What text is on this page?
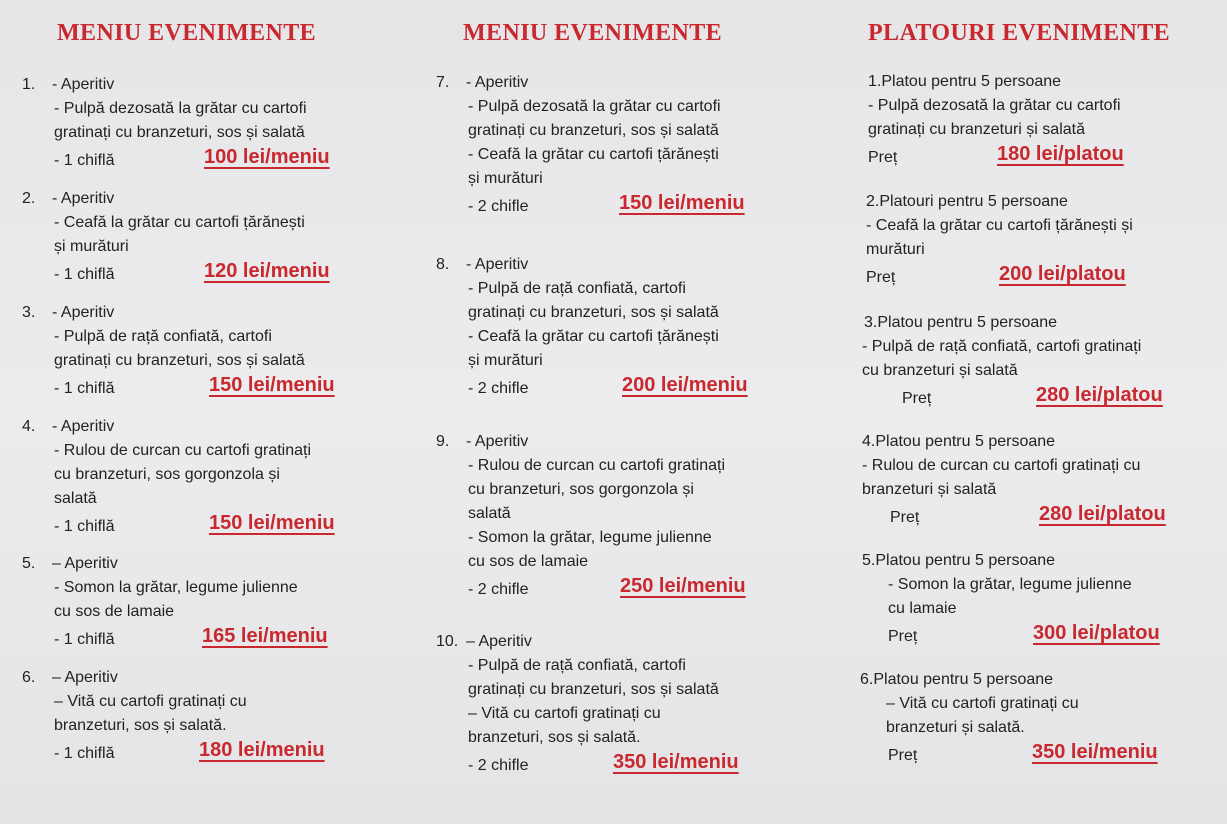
MENIU EVENIMENTE
1. - Aperitiv
- Pulpă dezosată la grătar cu cartofi
gratinați cu branzeturi, sos și salată
- 1 chiflă	100 lei/meniu
2. - Aperitiv
- Ceafă la grătar cu cartofi țărănești
și murături
- 1 chiflă	120 lei/meniu
3. - Aperitiv
- Pulpă de rață confiată, cartofi
gratinați cu branzeturi, sos și salată
- 1 chiflă	150 lei/meniu
4. - Aperitiv
- Rulou de curcan cu cartofi gratinați
cu branzeturi, sos gorgonzola și
salată
- 1 chiflă	150 lei/meniu
5. – Aperitiv
- Somon la grătar, legume julienne
cu sos de lamaie
- 1 chiflă	165 lei/meniu
6. – Aperitiv
– Vită cu cartofi gratinați cu
branzeturi, sos și salată.
- 1 chiflă	180 lei/meniu
MENIU EVENIMENTE
7. - Aperitiv
- Pulpă dezosată la grătar cu cartofi
gratinați cu branzeturi, sos și salată
- Ceafă la grătar cu cartofi țărănești
și murături
- 2 chifle	150 lei/meniu
8. - Aperitiv
- Pulpă de rață confiată, cartofi
gratinați cu branzeturi, sos și salată
- Ceafă la grătar cu cartofi țărănești
și murături
- 2 chifle	200 lei/meniu
9. - Aperitiv
- Rulou de curcan cu cartofi gratinați
cu branzeturi, sos gorgonzola și
salată
- Somon la grătar, legume julienne
cu sos de lamaie
- 2 chifle	250 lei/meniu
10. – Aperitiv
- Pulpă de rață confiată, cartofi
gratinați cu branzeturi, sos și salată
– Vită cu cartofi gratinați cu
branzeturi, sos și salată.
- 2 chifle	350 lei/meniu
PLATOURI EVENIMENTE
1.Platou pentru 5 persoane
- Pulpă dezosată la grătar cu cartofi
gratinați cu branzeturi și salată
Preț	180 lei/platou
2.Platouri pentru 5 persoane
- Ceafă la grătar cu cartofi țărănești și
murături
Preț	200 lei/platou
3.Platou pentru 5 persoane
- Pulpă de rață confiată, cartofi gratinați
cu branzeturi și salată
Preț	280 lei/platou
4.Platou pentru 5 persoane
- Rulou de curcan cu cartofi gratinați cu
branzeturi și salată
Preț	280 lei/platou
5.Platou pentru 5 persoane
- Somon la grătar, legume julienne
cu lamaie
Preț	300 lei/platou
6.Platou pentru 5 persoane
– Vită cu cartofi gratinați cu
branzeturi și salată.
Preț	350 lei/meniu
